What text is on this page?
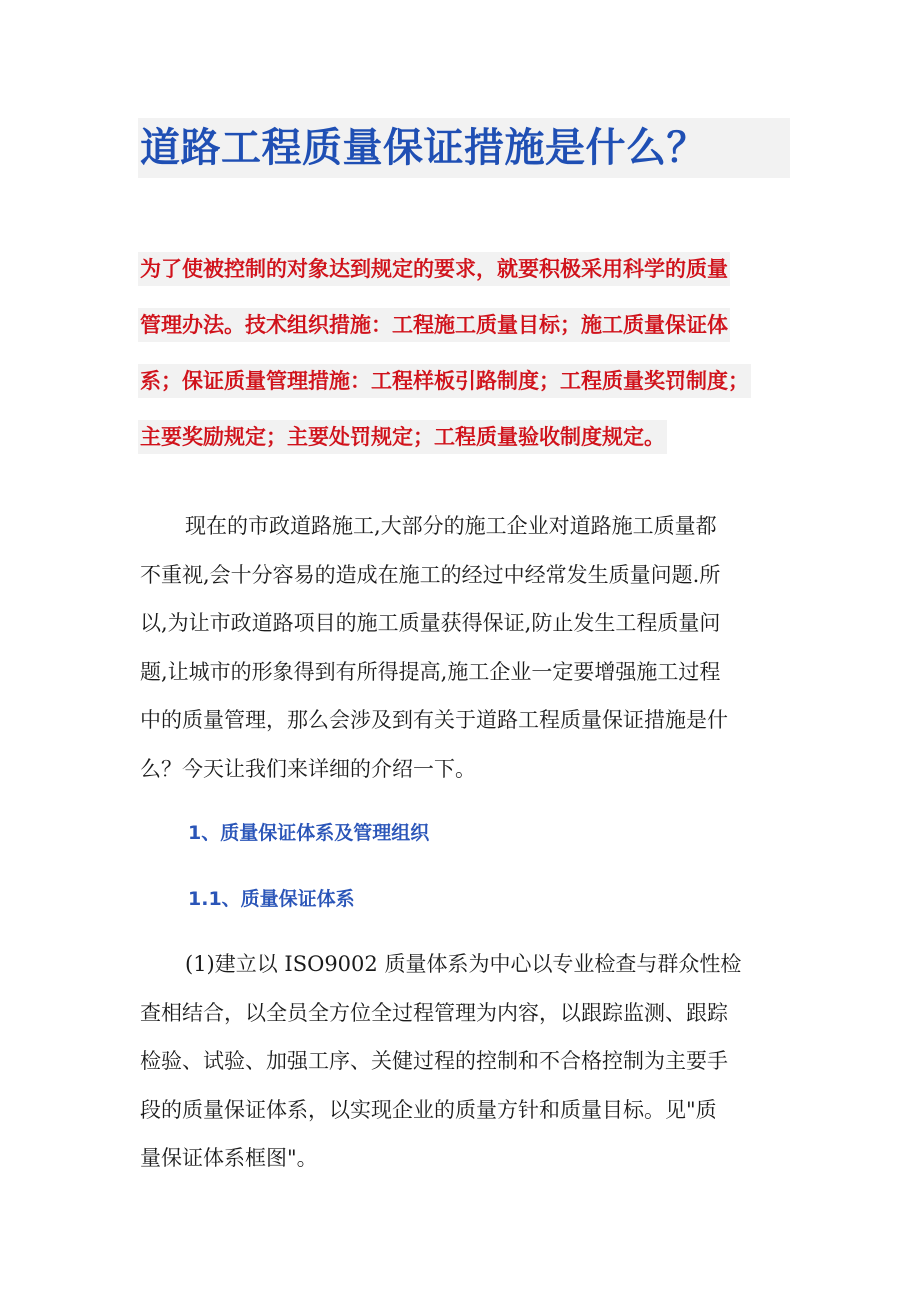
道路工程质量保证措施是什么？
为了使被控制的对象达到规定的要求，就要积极采用科学的质量
管理办法。技术组织措施：工程施工质量目标；施工质量保证体
系；保证质量管理措施：工程样板引路制度；工程质量奖罚制度；
主要奖励规定；主要处罚规定；工程质量验收制度规定。

现在的市政道路施工,大部分的施工企业对道路施工质量都
不重视,会十分容易的造成在施工的经过中经常发生质量问题.所
以,为让市政道路项目的施工质量获得保证,防止发生工程质量问
题,让城市的形象得到有所得提高,施工企业一定要增强施工过程
中的质量管理，那么会涉及到有关于道路工程质量保证措施是什
么？今天让我们来详细的介绍一下。

1、质量保证体系及管理组织
1.1、质量保证体系

(1)建立以 ISO9002 质量体系为中心以专业检查与群众性检
查相结合，以全员全方位全过程管理为内容，以跟踪监测、跟踪
检验、试验、加强工序、关健过程的控制和不合格控制为主要手
段的质量保证体系，以实现企业的质量方针和质量目标。见"质
量保证体系框图"。
